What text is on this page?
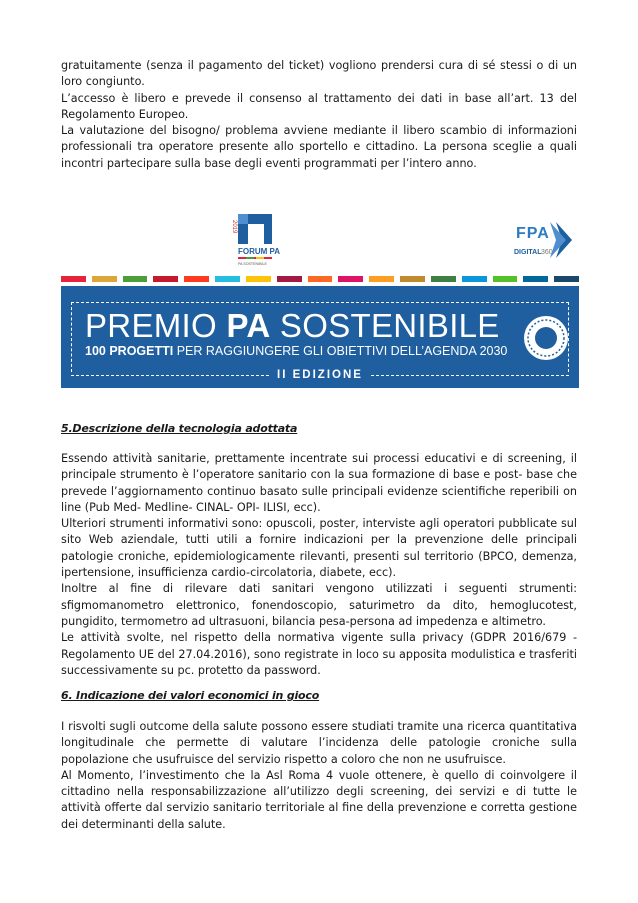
gratuitamente (senza il pagamento del ticket) vogliono prendersi cura di sé stessi o di un loro congiunto.

L’accesso è libero e prevede il consenso al trattamento dei dati in base all’art. 13 del Regolamento Europeo.

La valutazione del bisogno/ problema avviene mediante il libero scambio di informazioni professionali tra operatore presente allo sportello e cittadino. La persona sceglie a quali incontri partecipare sulla base degli eventi programmati per l’intero anno.

2019
FORUM PA
PA SOSTENIBILE
FPA
DIGITAL 360
PREMIO PA SOSTENIBILE
100 PROGETTI PER RAGGIUNGERE GLI OBIETTIVI DELL’AGENDA 2030
II EDIZIONE
5.Descrizione della tecnologia adottata

Essendo attività sanitarie, prettamente incentrate sui processi educativi e di screening, il principale strumento è l’operatore sanitario con la sua formazione di base e post- base che prevede l’aggiornamento continuo basato sulle principali evidenze scientifiche reperibili on line (Pub Med- Medline- CINAL- OPI- ILISI, ecc).

Ulteriori strumenti informativi sono: opuscoli, poster, interviste agli operatori pubblicate sul sito Web aziendale, tutti utili a fornire indicazioni per la prevenzione delle principali patologie croniche, epidemiologicamente rilevanti, presenti sul territorio (BPCO, demenza, ipertensione, insufficienza cardio-circolatoria, diabete, ecc).

Inoltre al fine di rilevare dati sanitari vengono utilizzati i seguenti strumenti: sfigmomanometro elettronico, fonendoscopio, saturimetro da dito, hemoglucotest, pungidito, termometro ad ultrasuoni, bilancia pesa-persona ad impedenza e altimetro.

Le attività svolte, nel rispetto della normativa vigente sulla privacy (GDPR 2016/679 - Regolamento UE del 27.04.2016), sono registrate in loco su apposita modulistica e trasferiti successivamente su pc. protetto da password.

6. Indicazione dei valori economici in gioco

I risvolti sugli outcome della salute possono essere studiati tramite una ricerca quantitativa longitudinale che permette di valutare l’incidenza delle patologie croniche sulla popolazione che usufruisce del servizio rispetto a coloro che non ne usufruisce.

Al Momento, l’investimento che la Asl Roma 4 vuole ottenere, è quello di coinvolgere il cittadino nella responsabilizzazione all’utilizzo degli screening, dei servizi e di tutte le attività offerte dal servizio sanitario territoriale al fine della prevenzione e corretta gestione dei determinanti della salute.
